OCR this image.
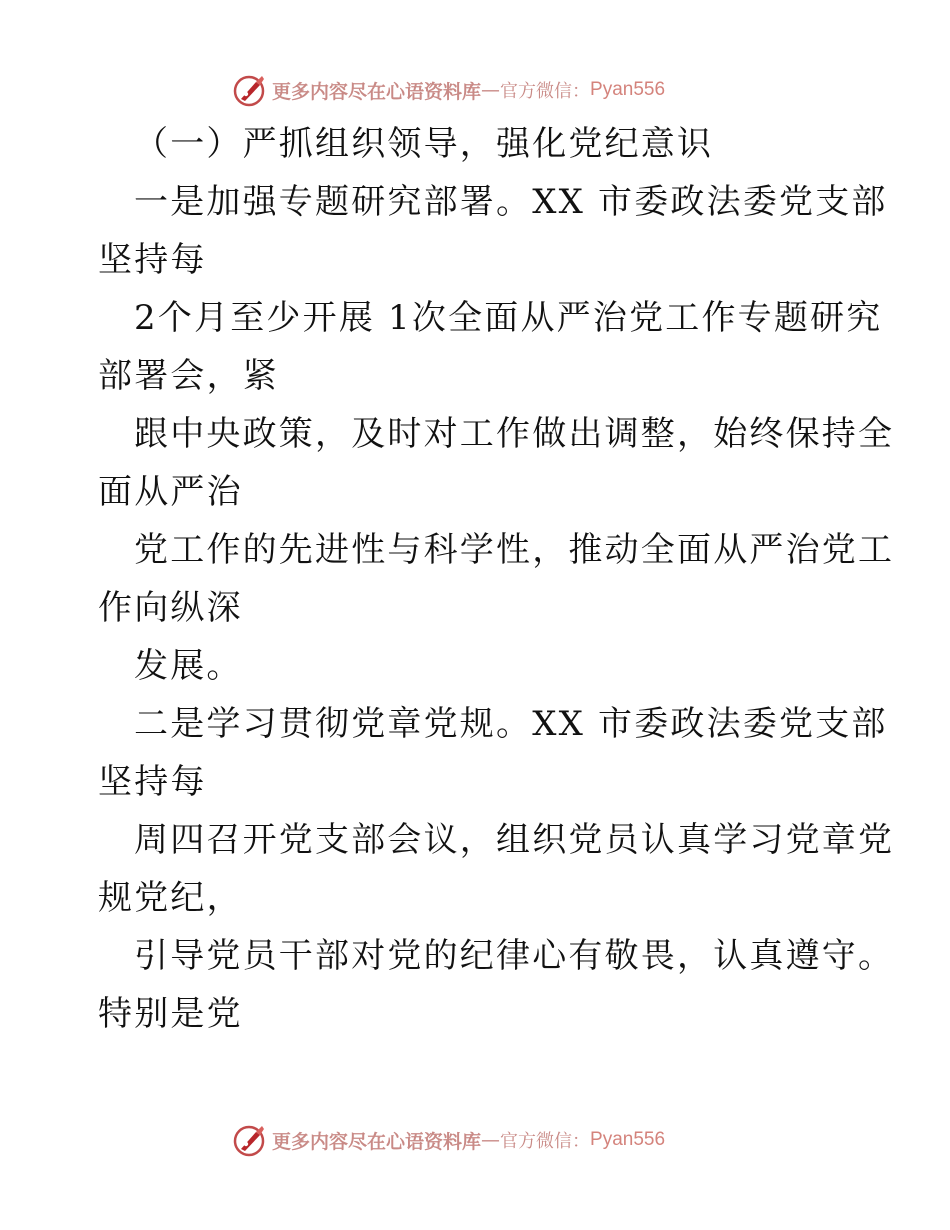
更多内容尽在心语资料库 — 官方微信： Pyan556
（一）严抓组织领导，强化党纪意识
一是加强专题研究部署。XX 市委政法委党支部
坚持每
2个月至少开展 1次全面从严治党工作专题研究
部署会，紧
跟中央政策，及时对工作做出调整，始终保持全
面从严治
党工作的先进性与科学性，推动全面从严治党工
作向纵深
发展。
二是学习贯彻党章党规。XX 市委政法委党支部
坚持每
周四召开党支部会议，组织党员认真学习党章党
规党纪，
引导党员干部对党的纪律心有敬畏，认真遵守。
特别是党
更多内容尽在心语资料库 — 官方微信： Pyan556
